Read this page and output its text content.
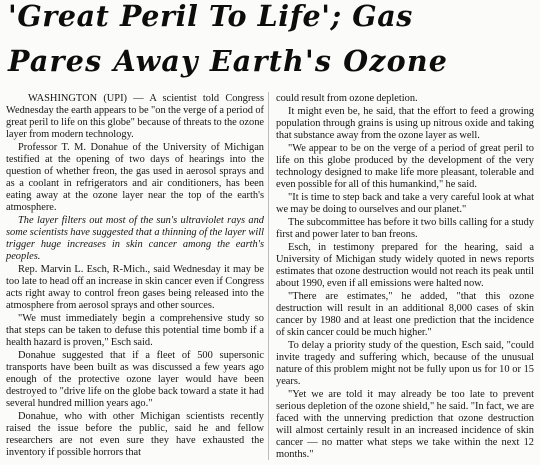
'Great Peril To Life'; Gas
Pares Away Earth's Ozone

WASHINGTON (UPI) — A scientist told Congress Wednesday the earth appears to be "on the verge of a period of great peril to life on this globe" because of threats to the ozone layer from modern technology.

Professor T. M. Donahue of the University of Michigan testified at the opening of two days of hearings into the question of whether freon, the gas used in aerosol sprays and as a coolant in refrigerators and air conditioners, has been eating away at the ozone layer near the top of the earth's atmosphere.

The layer filters out most of the sun's ultraviolet rays and some scientists have suggested that a thinning of the layer will trigger huge increases in skin cancer among the earth's peoples.

Rep. Marvin L. Esch, R-Mich., said Wednesday it may be too late to head off an increase in skin cancer even if Congress acts right away to control freon gases being released into the atmosphere from aerosol sprays and other sources.

"We must immediately begin a comprehensive study so that steps can be taken to defuse this potential time bomb if a health hazard is proven," Esch said.

Donahue suggested that if a fleet of 500 supersonic transports have been built as was discussed a few years ago enough of the protective ozone layer would have been destroyed to "drive life on the globe back toward a state it had several hundred million years ago."

Donahue, who with other Michigan scientists recently raised the issue before the public, said he and fellow researchers are not even sure they have exhausted the inventory if possible horrors that

could result from ozone depletion.

It might even be, he said, that the effort to feed a growing population through grains is using up nitrous oxide and taking that substance away from the ozone layer as well.

"We appear to be on the verge of a period of great peril to life on this globe produced by the development of the very technology designed to make life more pleasant, tolerable and even possible for all of this humankind," he said.

"It is time to step back and take a very careful look at what we may be doing to ourselves and our planet."

The subcommittee has before it two bills calling for a study first and power later to ban freons.

Esch, in testimony prepared for the hearing, said a University of Michigan study widely quoted in news reports estimates that ozone destruction would not reach its peak until about 1990, even if all emissions were halted now.

"There are estimates," he added, "that this ozone destruction will result in an additional 8,000 cases of skin cancer by 1980 and at least one prediction that the incidence of skin cancer could be much higher."

To delay a priority study of the question, Esch said, "could invite tragedy and suffering which, because of the unusual nature of this problem might not be fully upon us for 10 or 15 years.

"Yet we are told it may already be too late to prevent serious depletion of the ozone shield," he said. "In fact, we are faced with the unnerving prediction that ozone destruction will almost certainly result in an increased incidence of skin cancer — no matter what steps we take within the next 12 months."
